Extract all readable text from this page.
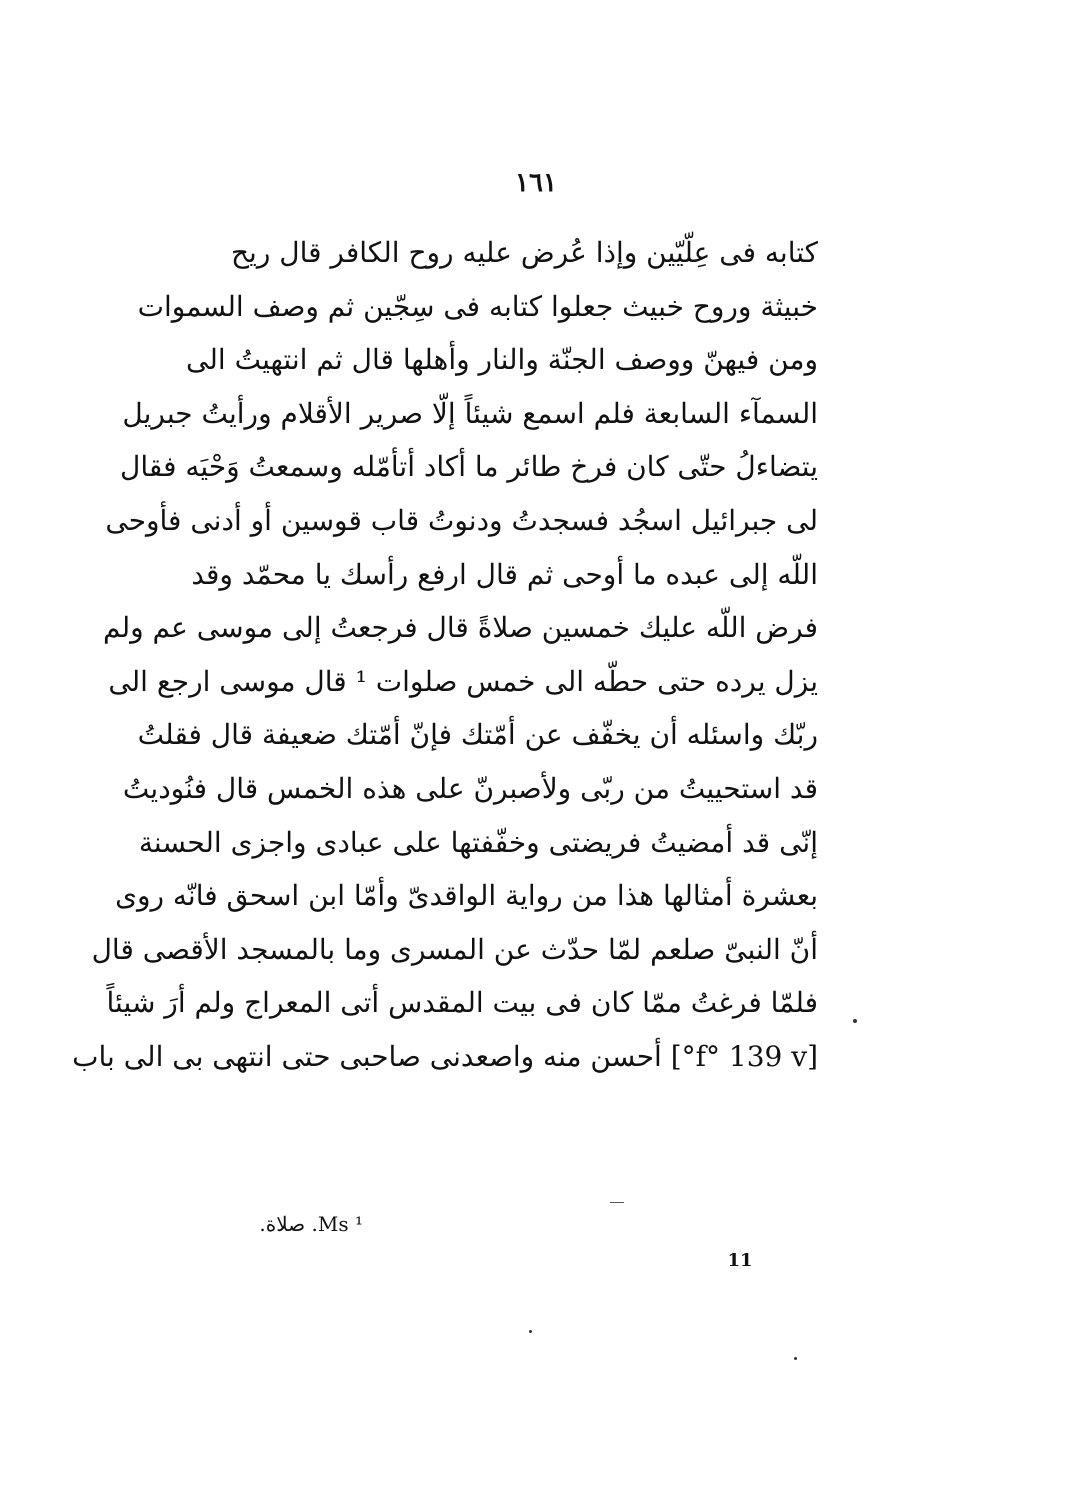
١٦١
كتابه فى عِلّيّين وإذا عُرض عليه روح الكافر قال ريح
خبيثة وروح خبيث جعلوا كتابه فى سِجّين ثم وصف السموات
ومن فيهنّ ووصف الجنّة والنار وأهلها قال ثم انتهيتُ الى
السمآء السابعة فلم اسمع شيئاً إلّا صرير الأقلام ورأيتُ جبريل
يتضاءلُ حتّى كان فرخ طائر ما أكاد أتأمّله وسمعتُ وَحْيَه فقال
لى جبرائيل اسجُد فسجدتُ ودنوتُ قاب قوسين أو أدنى فأوحى
اللّه إلى عبده ما أوحى ثم قال ارفع رأسك يا محمّد وقد
فرض اللّه عليك خمسين صلاةً قال فرجعتُ إلى موسى عم ولم
يزل يرده حتى حطّه الى خمس صلوات ¹ قال موسى ارجع الى
ربّك واسئله أن يخفّف عن أمّتك فإنّ أمّتك ضعيفة قال فقلتُ
قد استحييتُ من ربّى ولأصبرنّ على هذه الخمس قال فنُوديتُ
إنّى قد أمضيتُ فريضتى وخفّفتها على عبادى واجزى الحسنة
بعشرة أمثالها هذا من رواية الواقدىّ وأمّا ابن اسحق فانّه روى
أنّ النبىّ صلعم لمّا حدّث عن المسرى وما بالمسجد الأقصى قال
فلمّا فرغتُ ممّا كان فى بيت المقدس أتى المعراج ولم أرَ شيئاً
[f° 139 v°] أحسن منه واصعدنى صاحبى حتى انتهى بى الى باب
¹ Ms. صلاة.
11
